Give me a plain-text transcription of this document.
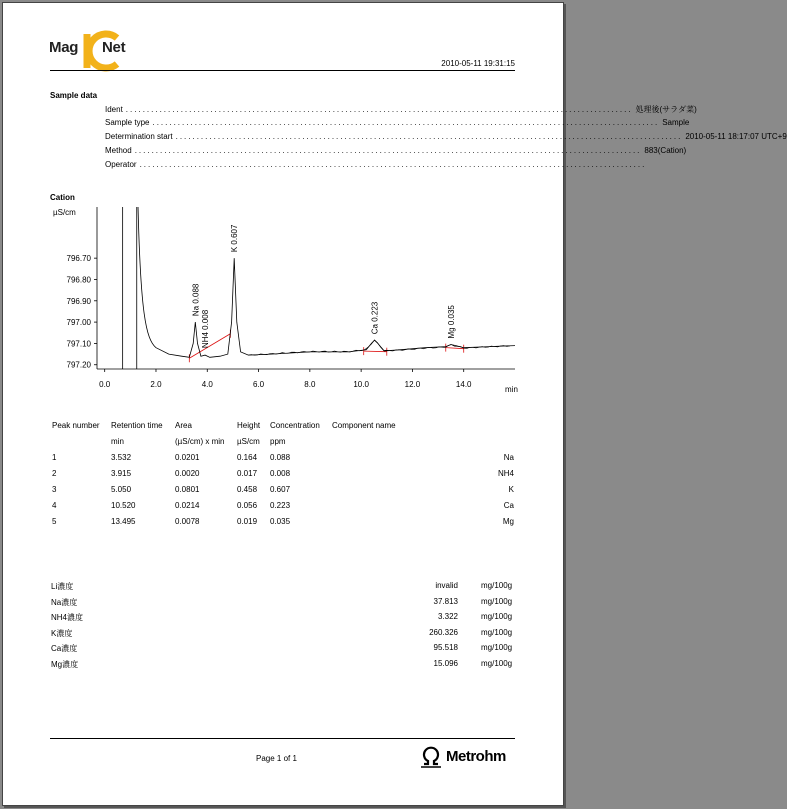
Mag Net
2010-05-11 19:31:15
Sample data
Ident ........................................................................................................................ 処理後(サラダ菜)
Sample type ........................................................................................................................ Sample
Determination start ........................................................................................................................ 2010-05-11 18:17:07 UTC+9
Method ........................................................................................................................ 883(Cation)
Operator ........................................................................................................................
Cation
µS/cm
min
796.70
796.80
796.90
797.00
797.10
797.20
0.0	2.0	4.0	6.0	8.0	10.0	12.0	14.0
Na 0.088
NH4 0.008
K 0.607
Ca 0.223	Mg 0.035
Peak number	Retention time	Area	Height	Concentration	Component name
	min	(µS/cm) x min	µS/cm	ppm	
1	3.532	0.0201	0.164	0.088	Na
2	3.915	0.0020	0.017	0.008	NH4
3	5.050	0.0801	0.458	0.607	K
4	10.520	0.0214	0.056	0.223	Ca
5	13.495	0.0078	0.019	0.035	Mg
Li濃度	invalid	mg/100g
Na濃度	37.813	mg/100g
NH4濃度	3.322	mg/100g
K濃度	260.326	mg/100g
Ca濃度	95.518	mg/100g
Mg濃度	15.096	mg/100g
Page 1 of 1	Metrohm
